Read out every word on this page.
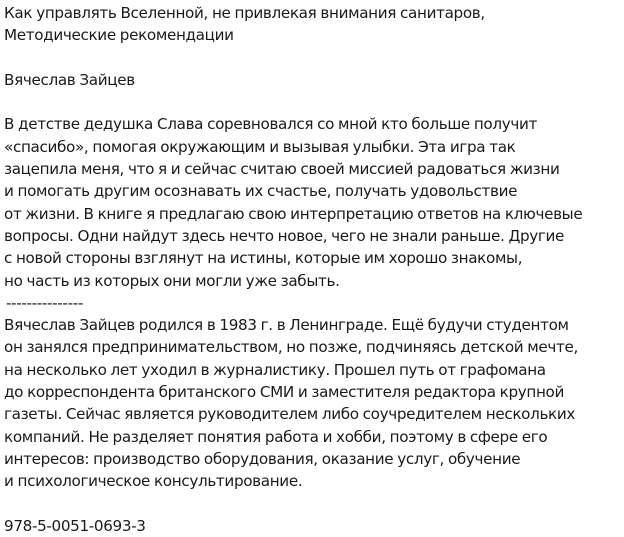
Как управлять Вселенной, не привлекая внимания санитаров,
Методические рекомендации
Вячеслав Зайцев
В детстве дедушка Слава соревновался со мной кто больше получит
«спасибо», помогая окружающим и вызывая улыбки. Эта игра так
зацепила меня, что я и сейчас считаю своей миссией радоваться жизни
и помогать другим осознавать их счастье, получать удовольствие
от жизни. В книге я предлагаю свою интерпретацию ответов на ключевые
вопросы. Одни найдут здесь нечто новое, чего не знали раньше. Другие
с новой стороны взглянут на истины, которые им хорошо знакомы,
но часть из которых они могли уже забыть.
---------------
Вячеслав Зайцев родился в 1983 г. в Ленинграде. Ещё будучи студентом
он занялся предпринимательством, но позже, подчиняясь детской мечте,
на несколько лет уходил в журналистику. Прошел путь от графомана
до корреспондента британского СМИ и заместителя редактора крупной
газеты. Сейчас является руководителем либо соучредителем нескольких
компаний. Не разделяет понятия работа и хобби, поэтому в сфере его
интересов: производство оборудования, оказание услуг, обучение
и психологическое консультирование.
978-5-0051-0693-3
